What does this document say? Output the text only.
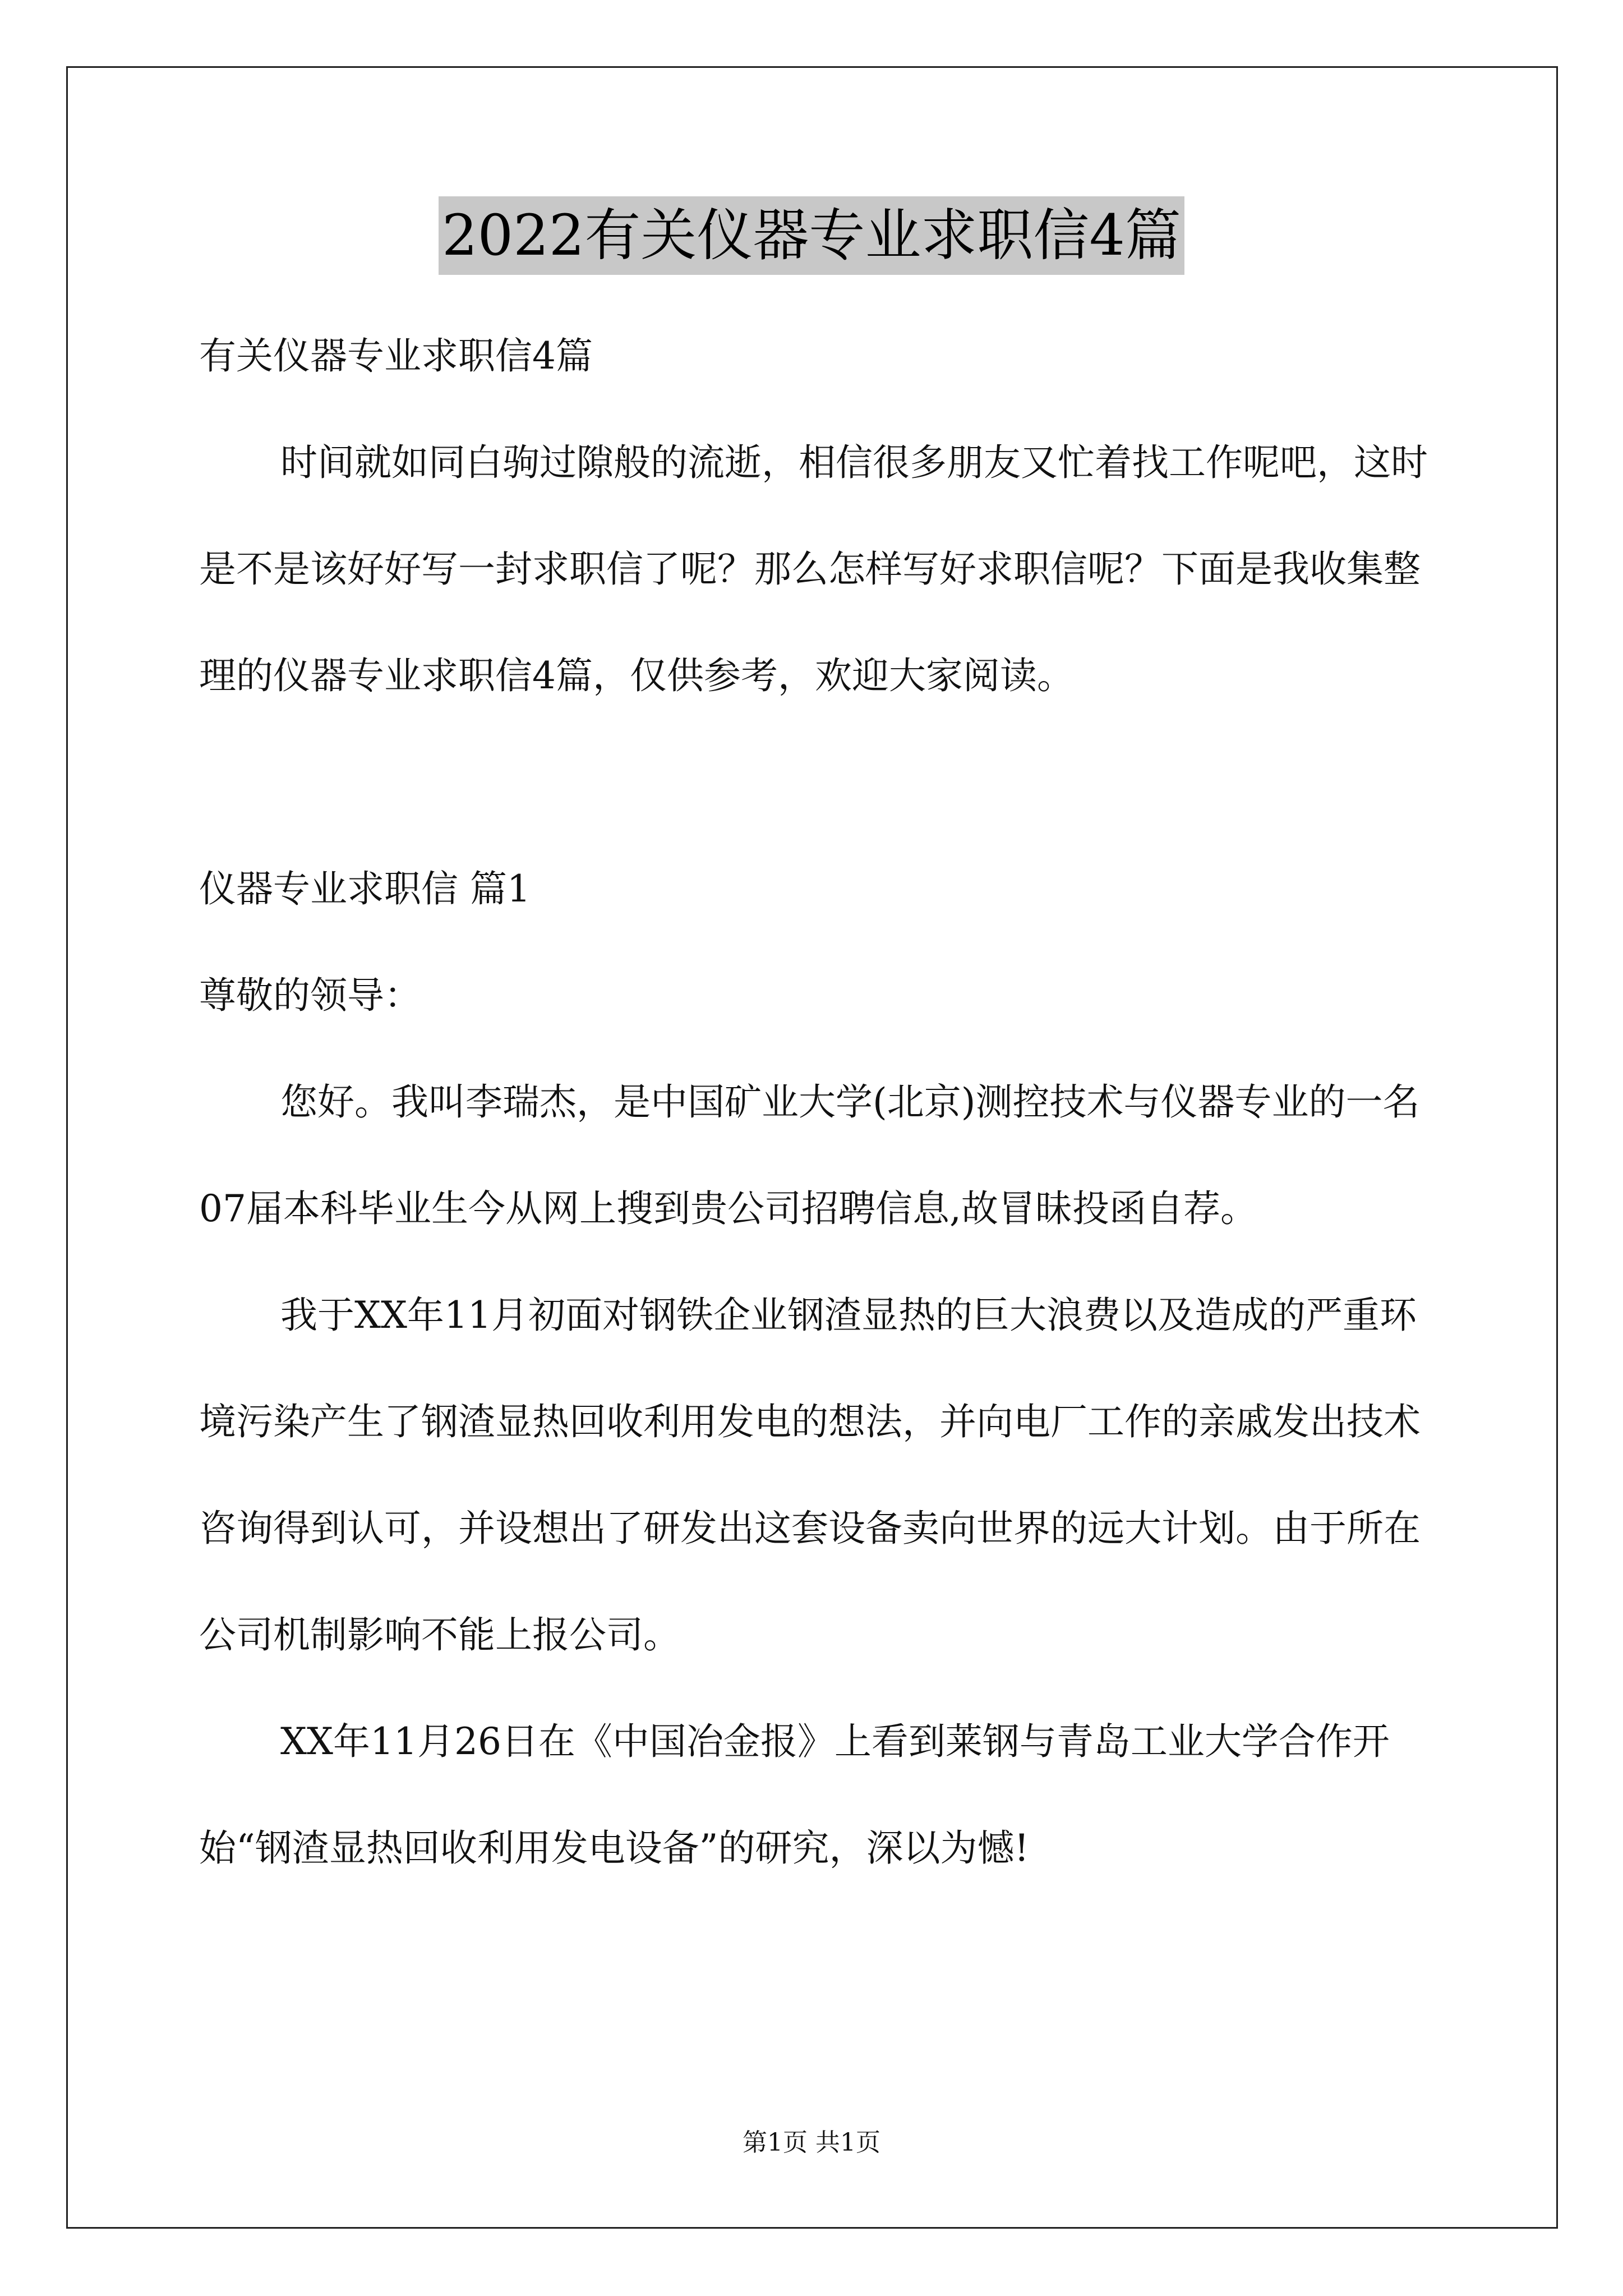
2022有关仪器专业求职信4篇

有关仪器专业求职信4篇

时间就如同白驹过隙般的流逝，相信很多朋友又忙着找工作呢吧，这时是不是该好好写一封求职信了呢？那么怎样写好求职信呢？下面是我收集整理的仪器专业求职信4篇，仅供参考，欢迎大家阅读。

仪器专业求职信 篇1

尊敬的领导：

您好。我叫李瑞杰，是中国矿业大学(北京)测控技术与仪器专业的一名07届本科毕业生今从网上搜到贵公司招聘信息,故冒昧投函自荐。

我于XX年11月初面对钢铁企业钢渣显热的巨大浪费以及造成的严重环境污染产生了钢渣显热回收利用发电的想法，并向电厂工作的亲戚发出技术咨询得到认可，并设想出了研发出这套设备卖向世界的远大计划。由于所在公司机制影响不能上报公司。

XX年11月26日在《中国冶金报》上看到莱钢与青岛工业大学合作开始“钢渣显热回收利用发电设备”的研究，深以为憾!

第1页 共1页
